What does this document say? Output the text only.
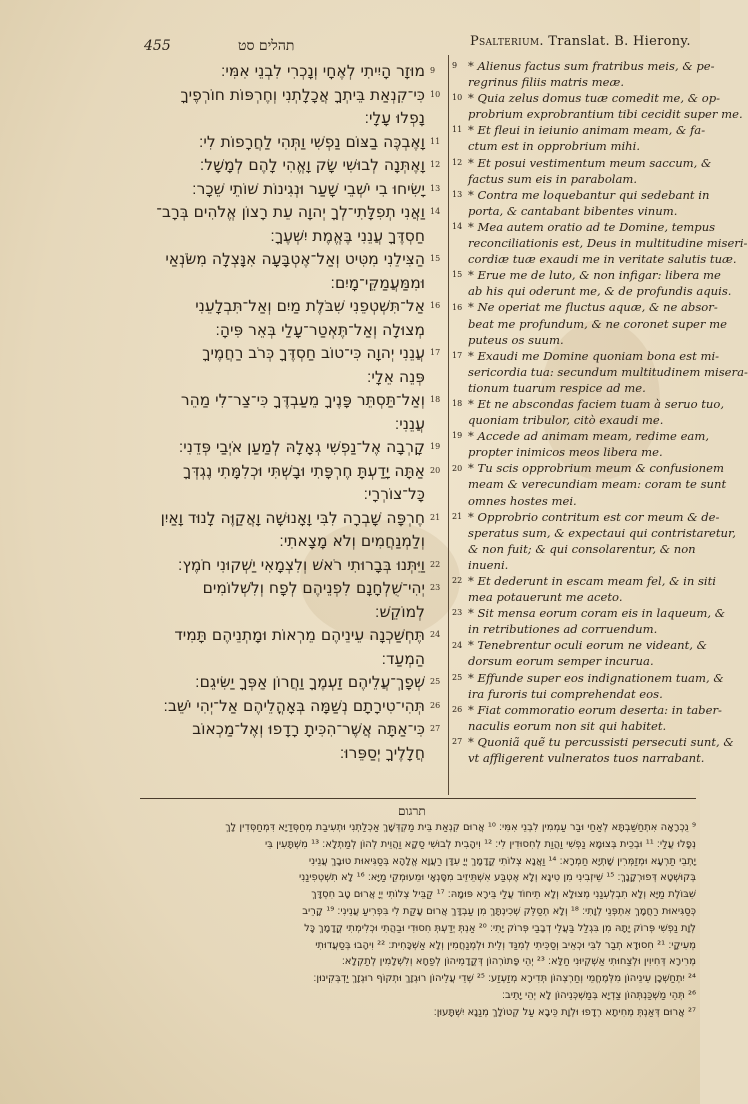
455	תהלים סט	Psalterium. Translat. B. Hierony.
מוּזָר הָיִיתִי לְאֶחָי וְנָכְרִי לִבְנֵי אִמִּי׃
כִּי־קִנְאַת בֵּיתְךָ אֲכָלָתְנִי וְחֶרְפּוֹת חוֹרְפֶיךָ
נָפְלוּ עָלָי׃
וָאֶבְכֶּה בַצּוֹם נַפְשִׁי וַתְּהִי לַחֲרָפוֹת לִי׃
וָאֶתְּנָה לְבוּשִׁי שָׂק וָאֱהִי לָהֶם לְמָשָׁל׃
יָשִׂיחוּ בִי יֹשְׁבֵי שָׁעַר וּנְגִינוֹת שׁוֹתֵי שֵׁכָר׃
וַאֲנִי תְפִלָּתִי־לְךָ יְהוָה עֵת רָצוֹן אֱלֹהִים בְּרָב־
חַסְדֶּךָ עֲנֵנִי בֶּאֱמֶת יִשְׁעֶךָ׃
הַצִּילֵנִי מִטִּיט וְאַל־אֶטְבָּעָה אִנָּצְלָה מִשֹּׂנְאַי
וּמִמַּעֲמַקֵּי־מָיִם׃
אַל־תִּשְׁטְפֵנִי שִׁבֹּלֶת מַיִם וְאַל־תִּבְלָעֵנִי
מְצוּלָה וְאַל־תֶּאְטַר־עָלַי בְּאֵר פִּיהָ׃
עֲנֵנִי יְהוָה כִּי־טוֹב חַסְדֶּךָ כְּרֹב רַחֲמֶיךָ
פְּנֵה אֵלָי׃
וְאַל־תַּסְתֵּר פָּנֶיךָ מֵעַבְדֶּךָ כִּי־צַר־לִי מַהֵר
עֲנֵנִי׃
קָרְבָה אֶל־נַפְשִׁי גְאָלָהּ לְמַעַן אֹיְבַי פְּדֵנִי׃
אַתָּה יָדַעְתָּ חֶרְפָּתִי וּבָשְׁתִּי וּכְלִמָּתִי נֶגְדְּךָ
כָּל־צוֹרְרָי׃
חֶרְפָּה שָׁבְרָה לִבִּי וָאָנוּשָׁה וָאֲקַוֶּה לָנוּד וָאַיִן
וְלַמְנַחֲמִים וְלֹא מָצָאתִי׃
וַיִּתְּנוּ בְּבָרוּתִי רֹאשׁ וְלִצְמָאִי יַשְׁקוּנִי חֹמֶץ׃
יְהִי־שֻׁלְחָנָם לִפְנֵיהֶם לְפָח וְלִשְׁלוֹמִים
לְמוֹקֵשׁ׃
תֶּחְשַׁכְנָה עֵינֵיהֶם מֵרְאוֹת וּמָתְנֵיהֶם תָּמִיד
הַמְעַד׃
שְׁפָךְ־עֲלֵיהֶם זַעְמֶךָ וַחֲרוֹן אַפְּךָ יַשִּׂיגֵם׃
תְּהִי־טִירָתָם נְשַׁמָּה בְּאָהֳלֵיהֶם אַל־יְהִי יֹשֵׁב׃
כִּי־אַתָּה אֲשֶׁר־הִכִּיתָ רָדָפוּ וְאֶל־מַכְאוֹב
חֲלָלֶיךָ יְסַפֵּרוּ׃
9
10
11
12
13
14
15
16
17
18
19
20
21
22
23
24
25
26
27
9
10
11
12
13
14
15
16
17
18
19
20
21
22
23
24
25
26
27
* Alienus factus sum fratribus meis, & pe-
regrinus filiis matris meæ.
* Quia zelus domus tuæ comedit me, & op-
probrium exprobrantium tibi cecidit super me.
* Et fleui in ieiunio animam meam, & fa-
ctum est in opprobrium mihi.
* Et posui vestimentum meum saccum, &
factus sum eis in parabolam.
* Contra me loquebantur qui sedebant in
porta, & cantabant bibentes vinum.
* Mea autem oratio ad te Domine, tempus
reconciliationis est, Deus in multitudine miseri-
cordiæ tuæ exaudi me in veritate salutis tuæ.
* Erue me de luto, & non infigar: libera me
ab his qui oderunt me, & de profundis aquis.
* Ne operiat me fluctus aquæ, & ne absor-
beat me profundum, & ne coronet super me
puteus os suum.
* Exaudi me Domine quoniam bona est mi-
sericordia tua: secundum multitudinem misera-
tionum tuarum respice ad me.
* Et ne abscondas faciem tuam à seruo tuo,
quoniam tribulor, citò exaudi me.
* Accede ad animam meam, redime eam,
propter inimicos meos libera me.
* Tu scis opprobrium meum & confusionem
meam & verecundiam meam: coram te sunt
omnes hostes mei.
* Opprobrio contritum est cor meum & de-
speratus sum, & expectaui qui contristaretur,
& non fuit; & qui consolarentur, & non
inueni.
* Et dederunt in escam meam fel, & in siti
mea potauerunt me aceto.
* Sit mensa eorum coram eis in laqueum, &
in retributiones ad corruendum.
* Tenebrentur oculi eorum ne videant, &
dorsum eorum semper incurua.
* Effunde super eos indignationem tuam, &
ira furoris tui comprehendat eos.
* Fiat commoratio eorum deserta: in taber-
naculis eorum non sit qui habitet.
* Quoniã quẽ tu percussisti persecuti sunt, &
vt affligerent vulneratos tuos narrabant.
תרגום
⁹ נֻכְרָאָה אִתְחַשַּׁבְתָּא לְאַחַי וּבַר עַמְמִין לִבְנֵי אִמִּי׃ ¹⁰ אֲרוּם קִנְאַת בֵּית מַקְדְּשָׁךְ אַכְלַתְנִי וּתְעִיבַת מְחַסְּדַיָא דִּמְחַסְּדִין לָךְ
נְפָלוּ עֲלַי׃ ¹¹ וּבְכֵית בְּצוּמָא נַפְשִׁי וַהֲוַת לְחִסוּדִין לִי׃ ¹² וִיהָבִית לְבוּשִׁי סַקָא וַהֲוֵית לְהוֹן לְמַתְלָא׃ ¹³ מִשְׁתָּעִין בִּי
יָתְבֵי תַרְעָא וּמְזַמְּרִין שָׁתְיָא חַמְרָא׃ ¹⁴ וַאֲנָא צְלוֹתִי קֳדָמָךְ יְיָ עִדָּן רַעֲוָא אֱלָהָא בְּסַגִּיאוּת טוּבָךְ עֲנֵינִי
בְּקוּשְׁטָא דְּפוּרְקָנָךְ׃ ¹⁵ שֵׁיזְבִינִי מִן טִינָא וְלָא אֶטְבַּע אִשְׁתֵּיזֵיב מִסָּנְאָי וּמֵעוּמְקֵי מַיָּא׃ ¹⁶ לָא תִשְׁטְפִינַנִי
שִׁבּוֹלֶת מַיָּא וְלָא תִבְלְעִנַנִי מְצוּלָא וְלָא תֵיחוֹד עֲלַי בֵּירָא פּוּמָהּ׃ ¹⁷ קַבֵּיל צְלוֹתִי יְיָ אֲרוּם טָב חִסְדָּךְ
כְּסַגִּיאוּת רַחֲמָךְ אִתְפְּנֵי לְוָתִי׃ ¹⁸ וְלָא תְסַלֵּק שְׁכִינְתָּךְ מִן עַבְדָּךְ אֲרוּם עָקַת לִי בִּפְרִיעַ עֲנֵינִי׃ ¹⁹ קָרֵיב
לְוָת נַפְשִׁי פְּרוֹק יָתָהּ מִן בִּגְלַל בַּעֲלֵי דְבָבַי פְּרוֹק יָתִי׃ ²⁰ אַנְתְּ יְדַעְתְּ חִסוּדִי וּבַהֲתִי וּכְלִימְתִי קֳדָמָךְ כָּל
מְעִיקָי׃ ²¹ חִסוּדָא תְבַר לִבִּי וּכְאֵיב וְסַכֵּיתִי לְמִנַּד וְלֵית וּלְמְנַחֲמִין וְלָא אַשְׁכָּחִית׃ ²² וִיהָבוּ בְּסַעֲדוּתִי
מְרִירָא דְּחִיוִין וּלְצַחוּתִי אַשְׁקְיוּנִי חַלָּא׃ ²³ יְהֵי פָּתוֹרְהוֹן דְּקֳדָמֵיהוֹן לְפַחָא וְלִשְׁלָמִין לְתַקְלָא׃
²⁴ יִתְחַשְּׁכָן עֵינֵיהוֹן מִלְּמֶחֱמֵי וְחַרְצְהוֹן תְּדִירָא מְזַעְזַע׃ ²⁵ שְׁדֵי עֲלֵיהוֹן רוּגְזָךְ וּתְקוֹף רוּגְזָךְ יַדְבְּקִינוּן׃
²⁶ תְּהֵי מַשְׁכַּנְתְּהוֹן צַדְיָא בְּמַשְׁכְּנֵיהוֹן לָא יְהֵי יָתֵיב׃
²⁷ אֲרוּם דְּאַנְתְּ מְחִיתָא רְדָפוּ וּלְוָת כֵּיבָא עַל קְטוֹלָךְ מְנַנָא יִשְׁתָּעוּן׃
